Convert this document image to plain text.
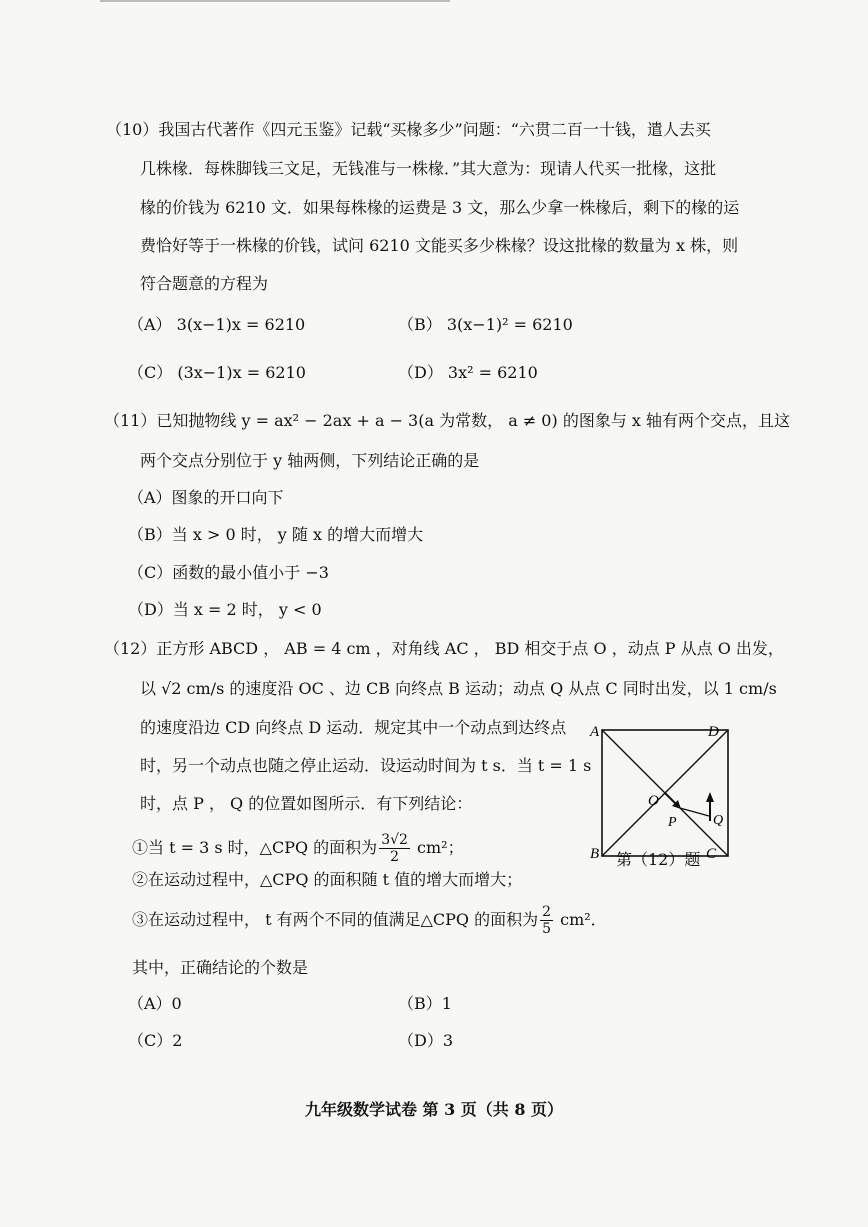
（10）我国古代著作《四元玉鉴》记载“买椽多少”问题：“六贯二百一十钱，遣人去买
几株椽．每株脚钱三文足，无钱准与一株椽．”其大意为：现请人代买一批椽，这批
椽的价钱为 6210 文．如果每株椽的运费是 3 文，那么少拿一株椽后，剩下的椽的运
费恰好等于一株椽的价钱，试问 6210 文能买多少株椽？设这批椽的数量为 x 株，则
符合题意的方程为
（A） 3(x−1)x = 6210	（B） 3(x−1)² = 6210
（C） (3x−1)x = 6210	（D） 3x² = 6210
（11）已知抛物线 y = ax² − 2ax + a − 3(a 为常数， a ≠ 0) 的图象与 x 轴有两个交点，且这
两个交点分别位于 y 轴两侧，下列结论正确的是
（A）图象的开口向下
（B）当 x > 0 时， y 随 x 的增大而增大
（C）函数的最小值小于 −3
（D）当 x = 2 时， y < 0
（12）正方形 ABCD ， AB = 4 cm ，对角线 AC ， BD 相交于点 O ，动点 P 从点 O 出发，
以 √2 cm/s 的速度沿 OC 、边 CB 向终点 B 运动；动点 Q 从点 C 同时出发，以 1 cm/s
的速度沿边 CD 向终点 D 运动．规定其中一个动点到达终点
时，另一个动点也随之停止运动．设运动时间为 t s．当 t = 1 s
时，点 P ， Q 的位置如图所示．有下列结论：
①当 t = 3 s 时，△CPQ 的面积为 $\frac{3√2}{2} cm^2$；
②在运动过程中，△CPQ 的面积随 t 值的增大而增大；
③在运动过程中， t 有两个不同的值满足△CPQ 的面积为 $\frac{2}{5} cm^2$．
其中，正确结论的个数是
（A）0	（B）1
（C）2	（D）3
A	D
B	C
O
P	Q
第（12）题
九年级数学试卷 第 3 页（共 8 页）
